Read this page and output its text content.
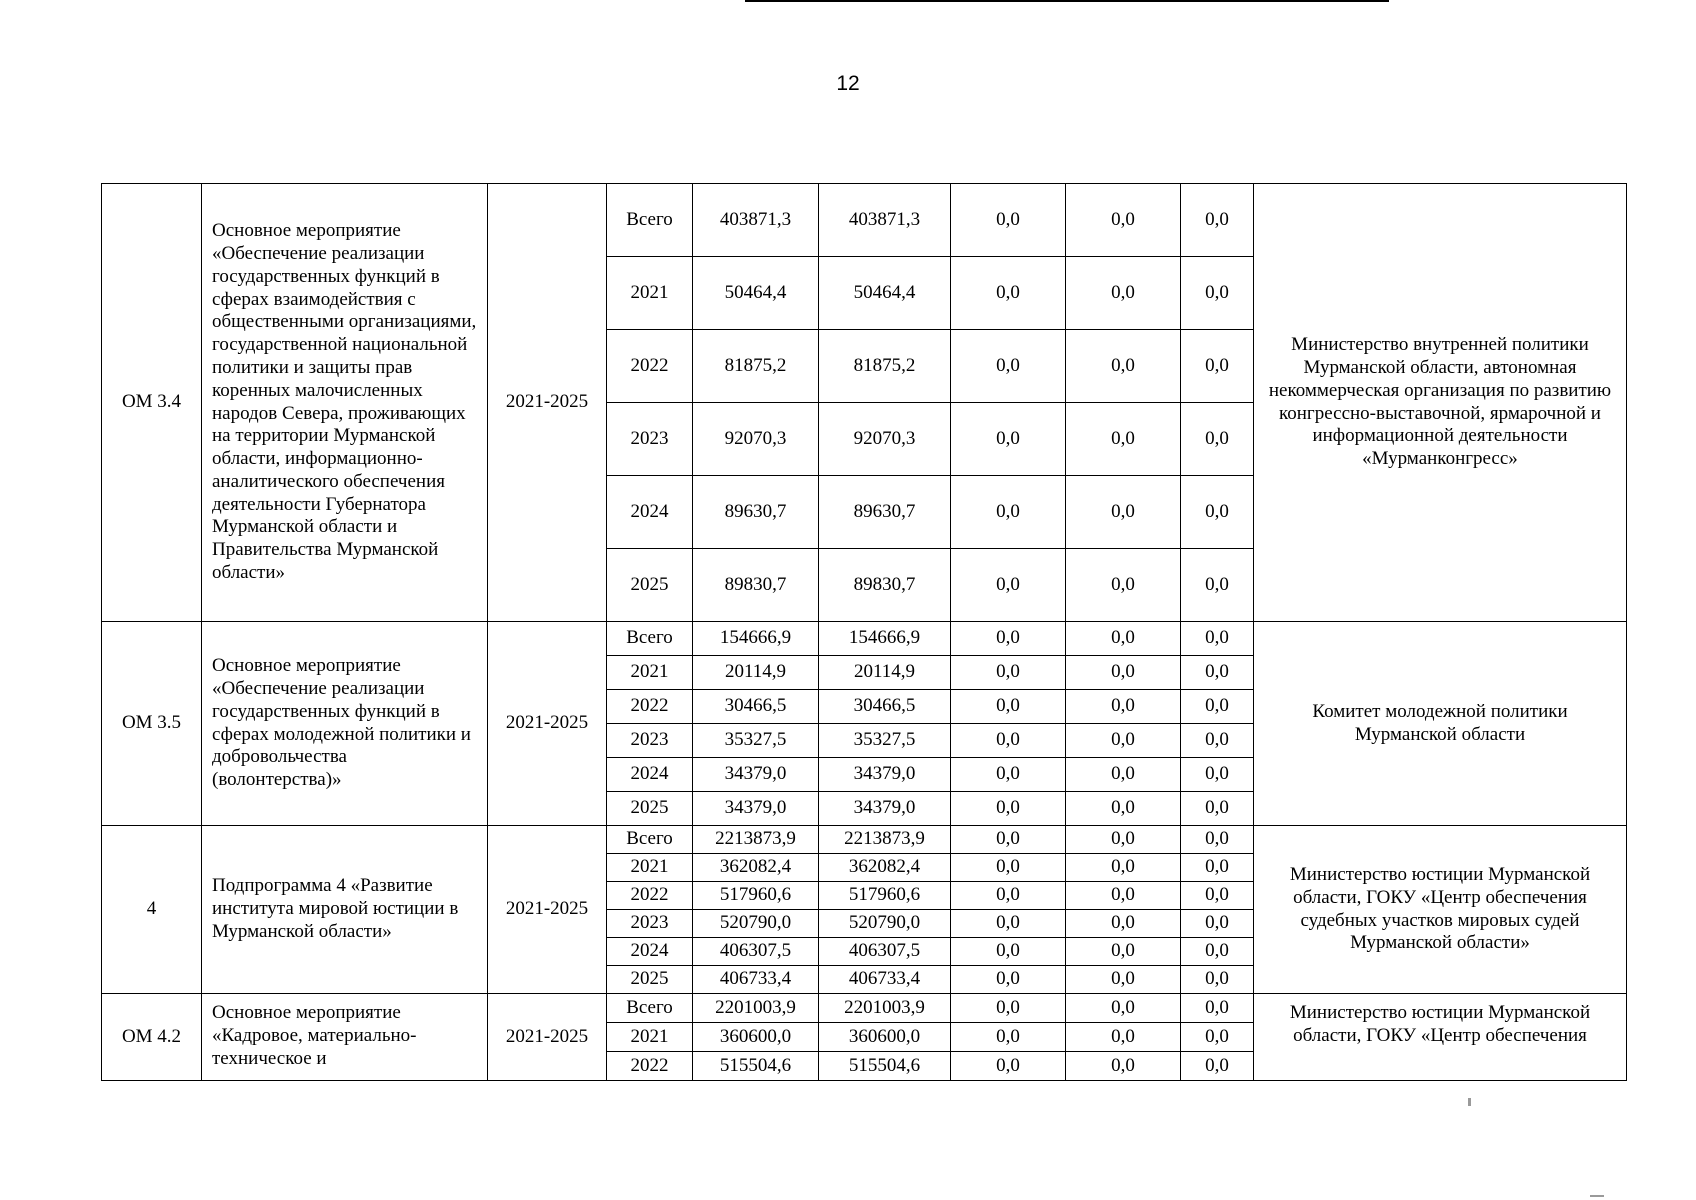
12
ОМ 3.4	Основное мероприятие «Обеспечение реализации государственных функций в сферах взаимодействия с общественными организациями, государственной национальной политики и защиты прав коренных малочисленных народов Севера, проживающих на территории Мурманской области, информационно-аналитического обеспечения деятельности Губернатора Мурманской области и Правительства Мурманской области»	2021-2025	Всего	403871,3	403871,3	0,0	0,0	0,0	Министерство внутренней политики Мурманской области, автономная некоммерческая организация по развитию конгрессно-выставочной, ярмарочной и информационной деятельности «Мурманконгресс»
			2021	50464,4	50464,4	0,0	0,0	0,0	
			2022	81875,2	81875,2	0,0	0,0	0,0	
			2023	92070,3	92070,3	0,0	0,0	0,0	
			2024	89630,7	89630,7	0,0	0,0	0,0	
			2025	89830,7	89830,7	0,0	0,0	0,0	
ОМ 3.5	Основное мероприятие «Обеспечение реализации государственных функций в сферах молодежной политики и добровольчества (волонтерства)»	2021-2025	Всего	154666,9	154666,9	0,0	0,0	0,0	Комитет молодежной политики Мурманской области
			2021	20114,9	20114,9	0,0	0,0	0,0	
			2022	30466,5	30466,5	0,0	0,0	0,0	
			2023	35327,5	35327,5	0,0	0,0	0,0	
			2024	34379,0	34379,0	0,0	0,0	0,0	
			2025	34379,0	34379,0	0,0	0,0	0,0	
4	Подпрограмма 4 «Развитие института мировой юстиции в Мурманской области»	2021-2025	Всего	2213873,9	2213873,9	0,0	0,0	0,0	Министерство юстиции Мурманской области, ГОКУ «Центр обеспечения судебных участков мировых судей Мурманской области»
			2021	362082,4	362082,4	0,0	0,0	0,0	
			2022	517960,6	517960,6	0,0	0,0	0,0	
			2023	520790,0	520790,0	0,0	0,0	0,0	
			2024	406307,5	406307,5	0,0	0,0	0,0	
			2025	406733,4	406733,4	0,0	0,0	0,0	
ОМ 4.2	Основное мероприятие «Кадровое, материально-техническое и	2021-2025	Всего	2201003,9	2201003,9	0,0	0,0	0,0	Министерство юстиции Мурманской области, ГОКУ «Центр обеспечения
			2021	360600,0	360600,0	0,0	0,0	0,0	
			2022	515504,6	515504,6	0,0	0,0	0,0	
